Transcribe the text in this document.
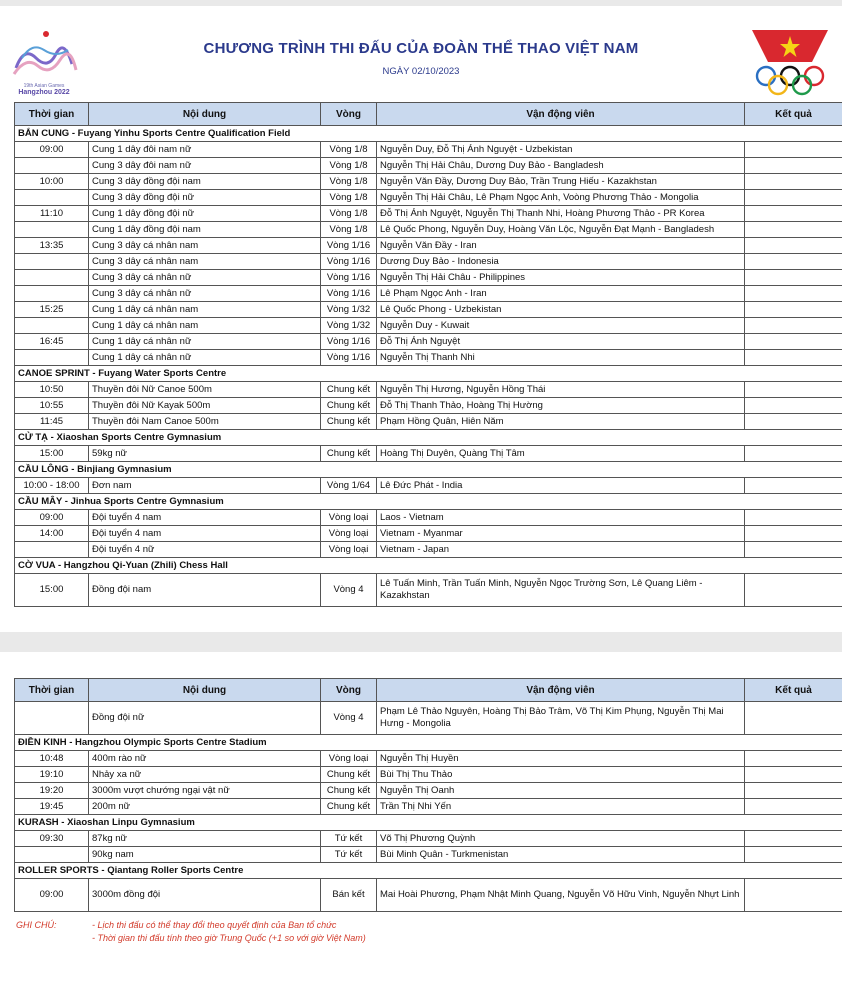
19th Asian Games
Hangzhou 2022
CHƯƠNG TRÌNH THI ĐẤU CỦA ĐOÀN THỂ THAO VIỆT NAM
NGÀY 02/10/2023
Thời gian	Nội dung	Vòng	Vận động viên	Kết quả
BẮN CUNG - Fuyang Yinhu Sports Centre Qualification Field				
09:00	Cung 1 dây đôi nam nữ	Vòng 1/8	Nguyễn Duy, Đỗ Thị Ánh Nguyệt - Uzbekistan	
	Cung 3 dây đôi nam nữ	Vòng 1/8	Nguyễn Thị Hải Châu, Dương Duy Bảo - Bangladesh	
10:00	Cung 3 dây đồng đội nam	Vòng 1/8	Nguyễn Văn Đầy, Dương Duy Bảo, Trần Trung Hiếu - Kazakhstan	
	Cung 3 dây đồng đội nữ	Vòng 1/8	Nguyễn Thị Hải Châu, Lê Phạm Ngọc Anh, Voòng Phương Thảo - Mongolia	
11:10	Cung 1 dây đồng đội nữ	Vòng 1/8	Đỗ Thị Ánh Nguyệt, Nguyễn Thị Thanh Nhi, Hoàng Phương Thảo - PR Korea	
	Cung 1 dây đồng đội nam	Vòng 1/8	Lê Quốc Phong, Nguyễn Duy, Hoàng Văn Lộc, Nguyễn Đạt Mạnh - Bangladesh	
13:35	Cung 3 dây cá nhân nam	Vòng 1/16	Nguyễn Văn Đầy - Iran	
	Cung 3 dây cá nhân nam	Vòng 1/16	Dương Duy Bảo - Indonesia	
	Cung 3 dây cá nhân nữ	Vòng 1/16	Nguyễn Thị Hải Châu - Philippines	
	Cung 3 dây cá nhân nữ	Vòng 1/16	Lê Phạm Ngọc Anh - Iran	
15:25	Cung 1 dây cá nhân nam	Vòng 1/32	Lê Quốc Phong - Uzbekistan	
	Cung 1 dây cá nhân nam	Vòng 1/32	Nguyễn Duy - Kuwait	
16:45	Cung 1 dây cá nhân nữ	Vòng 1/16	Đỗ Thị Ánh Nguyệt	
	Cung 1 dây cá nhân nữ	Vòng 1/16	Nguyễn Thị Thanh Nhi	
CANOE SPRINT - Fuyang Water Sports Centre				
10:50	Thuyền đôi Nữ Canoe 500m	Chung kết	Nguyễn Thị Hương, Nguyễn Hồng Thái	
10:55	Thuyền đôi Nữ Kayak 500m	Chung kết	Đỗ Thị Thanh Thảo, Hoàng Thị Hường	
11:45	Thuyền đôi Nam Canoe 500m	Chung kết	Phạm Hồng Quân, Hiên Năm	
CỬ TẠ - Xiaoshan Sports Centre Gymnasium				
15:00	59kg nữ	Chung kết	Hoàng Thị Duyên, Quàng Thị Tâm	
CẦU LÔNG - Binjiang Gymnasium				
10:00 - 18:00	Đơn nam	Vòng 1/64	Lê Đức Phát - India	
CẦU MÂY - Jinhua Sports Centre Gymnasium				
09:00	Đội tuyển 4 nam	Vòng loại	Laos - Vietnam	
14:00	Đội tuyển 4 nam	Vòng loại	Vietnam - Myanmar	
	Đội tuyển 4 nữ	Vòng loại	Vietnam - Japan	
CỜ VUA - Hangzhou Qi-Yuan (Zhili) Chess Hall				
15:00	Đồng đội nam	Vòng 4	Lê Tuấn Minh, Trần Tuấn Minh, Nguyễn Ngọc Trường Sơn, Lê Quang Liêm - Kazakhstan	
Thời gian	Nội dung	Vòng	Vận động viên	Kết quả
	Đồng đội nữ	Vòng 4	Phạm Lê Thảo Nguyên, Hoàng Thị Bảo Trâm, Võ Thị Kim Phụng, Nguyễn Thị Mai Hưng - Mongolia	
ĐIỀN KINH - Hangzhou Olympic Sports Centre Stadium				
10:48	400m rào nữ	Vòng loại	Nguyễn Thị Huyền	
19:10	Nhảy xa nữ	Chung kết	Bùi Thị Thu Thảo	
19:20	3000m vượt chướng ngại vật nữ	Chung kết	Nguyễn Thị Oanh	
19:45	200m nữ	Chung kết	Trần Thị Nhi Yến	
KURASH - Xiaoshan Linpu Gymnasium				
09:30	87kg nữ	Tứ kết	Võ Thị Phương Quỳnh	
	90kg nam	Tứ kết	Bùi Minh Quân - Turkmenistan	
ROLLER SPORTS - Qiantang Roller Sports Centre				
09:00	3000m đồng đội	Bán kết	Mai Hoài Phương, Phạm Nhật Minh Quang, Nguyễn Võ Hữu Vinh, Nguyễn Nhựt Linh	
GHI CHÚ:	- Lịch thi đấu có thể thay đổi theo quyết định của Ban tổ chức
- Thời gian thi đấu tính theo giờ Trung Quốc (+1 so với giờ Việt Nam)
